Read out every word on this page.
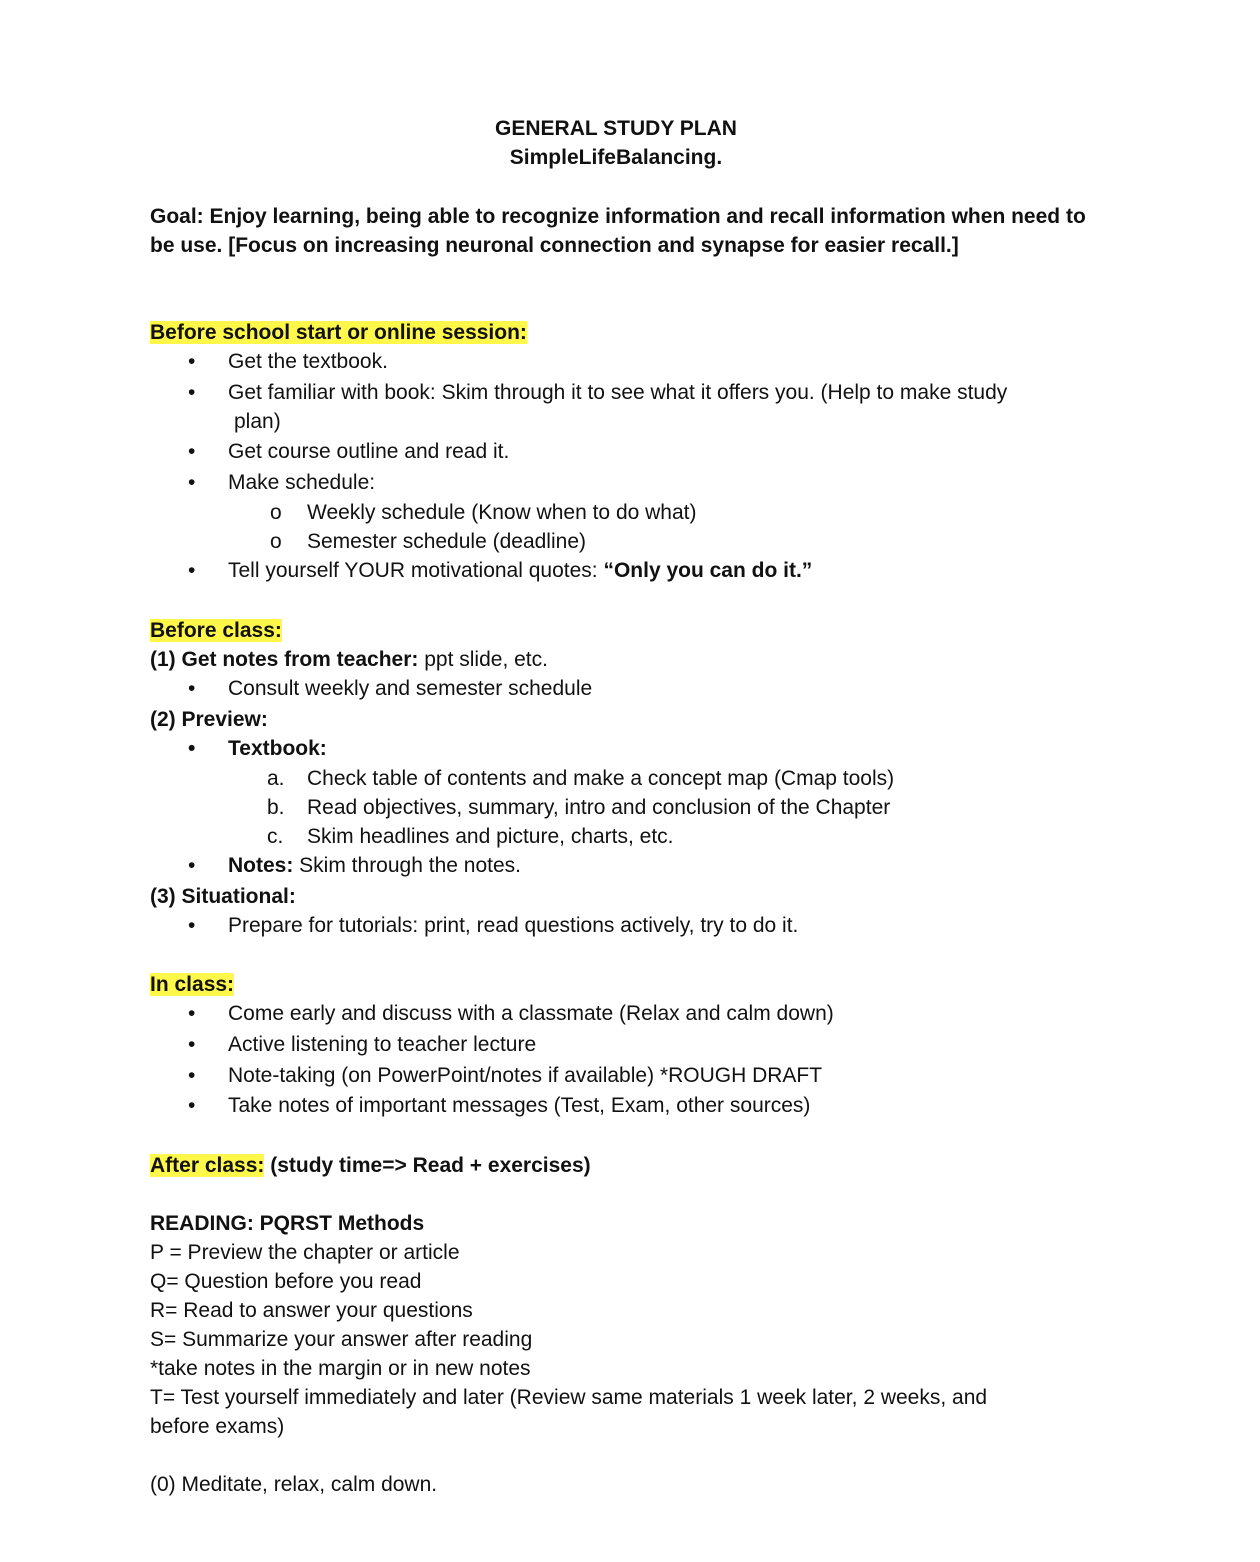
GENERAL STUDY PLAN
SimpleLifeBalancing.
Goal: Enjoy learning, being able to recognize information and recall information when need to be use. [Focus on increasing neuronal connection and synapse for easier recall.]
Before school start or online session:
• Get the textbook.
• Get familiar with book: Skim through it to see what it offers you. (Help to make study
plan)
• Get course outline and read it.
• Make schedule:
o Weekly schedule (Know when to do what)
o Semester schedule (deadline)
• Tell yourself YOUR motivational quotes: “Only you can do it.”
Before class:
(1) Get notes from teacher: ppt slide, etc.
• Consult weekly and semester schedule
(2) Preview:
• Textbook:
a. Check table of contents and make a concept map (Cmap tools)
b. Read objectives, summary, intro and conclusion of the Chapter
c. Skim headlines and picture, charts, etc.
• Notes: Skim through the notes.
(3) Situational:
• Prepare for tutorials: print, read questions actively, try to do it.
In class:
• Come early and discuss with a classmate (Relax and calm down)
• Active listening to teacher lecture
• Note-taking (on PowerPoint/notes if available) *ROUGH DRAFT
• Take notes of important messages (Test, Exam, other sources)
After class: (study time=> Read + exercises)
READING: PQRST Methods
P = Preview the chapter or article
Q= Question before you read
R= Read to answer your questions
S= Summarize your answer after reading
*take notes in the margin or in new notes
T= Test yourself immediately and later (Review same materials 1 week later, 2 weeks, and before exams)
(0) Meditate, relax, calm down.
